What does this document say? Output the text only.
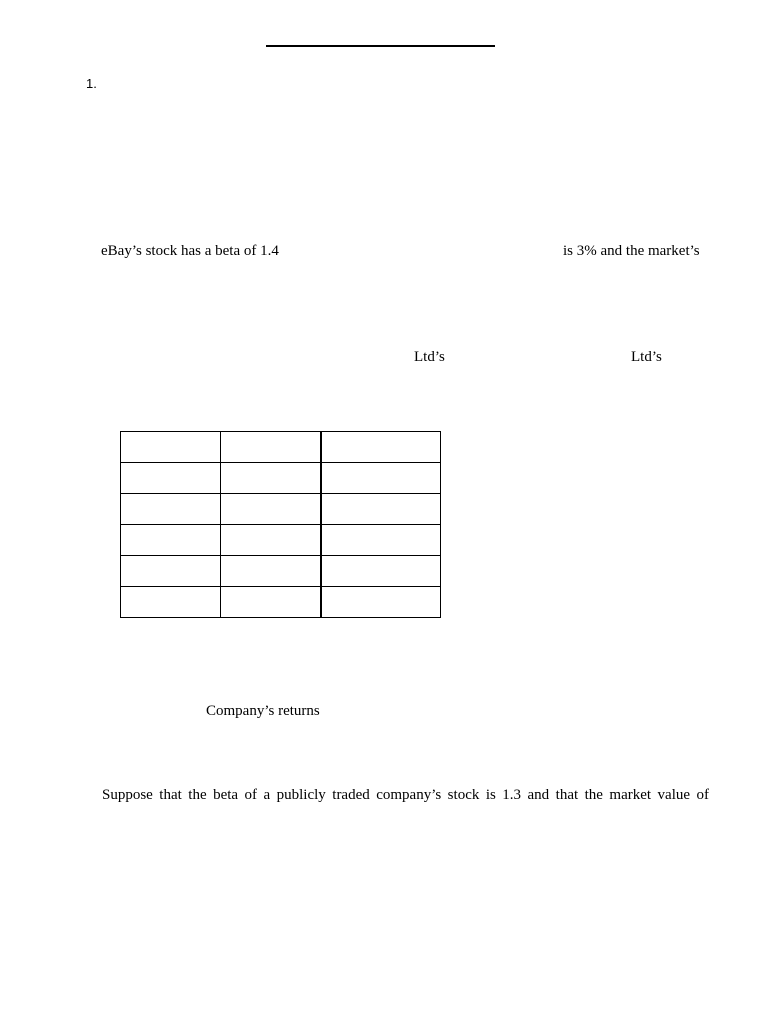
1.
eBay’s stock has a beta of 1.4	is 3% and the market’s
Ltd’s	Ltd’s

Company’s returns
Suppose that the beta of a publicly traded company’s stock is 1.3 and that the market value of
